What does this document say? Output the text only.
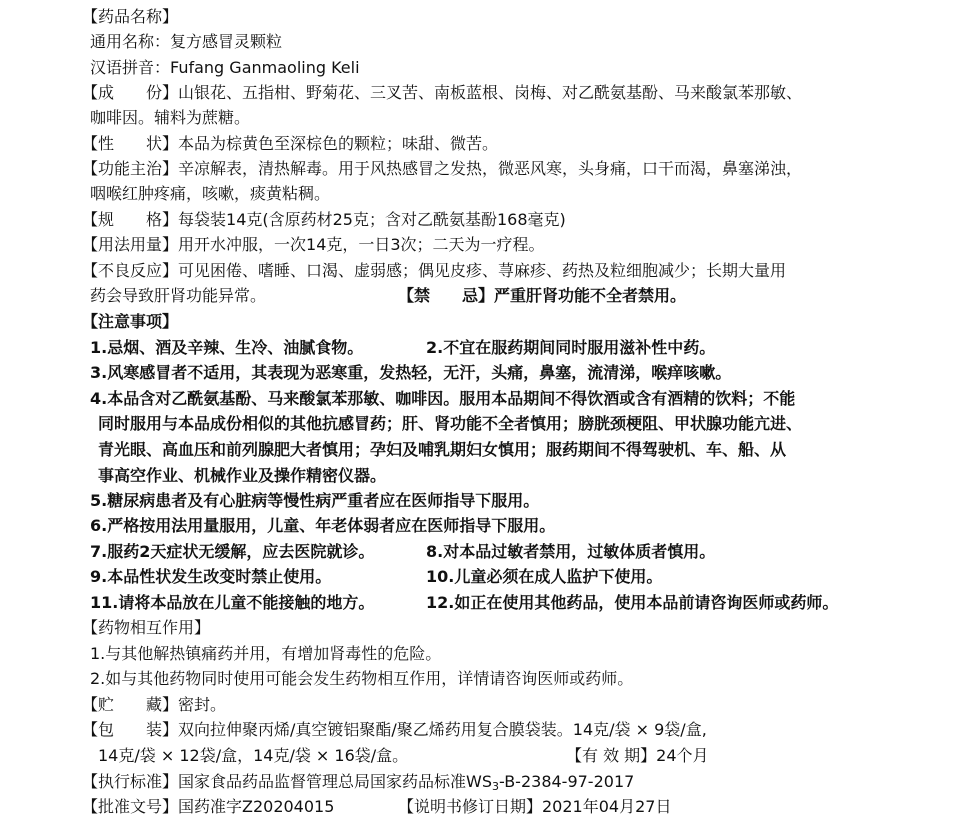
【药品名称】
通用名称：复方感冒灵颗粒
汉语拼音：Fufang Ganmaoling Keli
【成　　份】山银花、五指柑、野菊花、三叉苦、南板蓝根、岗梅、对乙酰氨基酚、马来酸氯苯那敏、
咖啡因。辅料为蔗糖。
【性　　状】本品为棕黄色至深棕色的颗粒；味甜、微苦。
【功能主治】辛凉解表，清热解毒。用于风热感冒之发热，微恶风寒，头身痛，口干而渴，鼻塞涕浊，
咽喉红肿疼痛，咳嗽，痰黄粘稠。
【规　　格】每袋装14克(含原药材25克；含对乙酰氨基酚168毫克)
【用法用量】用开水冲服，一次14克，一日3次；二天为一疗程。
【不良反应】可见困倦、嗜睡、口渴、虚弱感；偶见皮疹、荨麻疹、药热及粒细胞减少；长期大量用
药会导致肝肾功能异常。	【禁　　忌】严重肝肾功能不全者禁用。
【注意事项】
1.忌烟、酒及辛辣、生冷、油腻食物。	2.不宜在服药期间同时服用滋补性中药。
3.风寒感冒者不适用，其表现为恶寒重，发热轻，无汗，头痛，鼻塞，流清涕，喉痒咳嗽。
4.本品含对乙酰氨基酚、马来酸氯苯那敏、咖啡因。服用本品期间不得饮酒或含有酒精的饮料；不能
同时服用与本品成份相似的其他抗感冒药；肝、肾功能不全者慎用；膀胱颈梗阻、甲状腺功能亢进、
青光眼、高血压和前列腺肥大者慎用；孕妇及哺乳期妇女慎用；服药期间不得驾驶机、车、船、从
事高空作业、机械作业及操作精密仪器。
5.糖尿病患者及有心脏病等慢性病严重者应在医师指导下服用。
6.严格按用法用量服用，儿童、年老体弱者应在医师指导下服用。
7.服药2天症状无缓解，应去医院就诊。	8.对本品过敏者禁用，过敏体质者慎用。
9.本品性状发生改变时禁止使用。	10.儿童必须在成人监护下使用。
11.请将本品放在儿童不能接触的地方。	12.如正在使用其他药品，使用本品前请咨询医师或药师。
【药物相互作用】
1.与其他解热镇痛药并用，有增加肾毒性的危险。
2.如与其他药物同时使用可能会发生药物相互作用，详情请咨询医师或药师。
【贮　　藏】密封。
【包　　装】双向拉伸聚丙烯/真空镀铝聚酯/聚乙烯药用复合膜袋装。14克/袋 × 9袋/盒,
14克/袋 × 12袋/盒，14克/袋 × 16袋/盒。	【有 效 期】24个月
【执行标准】国家食品药品监督管理总局国家药品标准$WS_3-B-2384-97-2017$
【批准文号】国药准字Z20204015	【说明书修订日期】2021年04月27日
